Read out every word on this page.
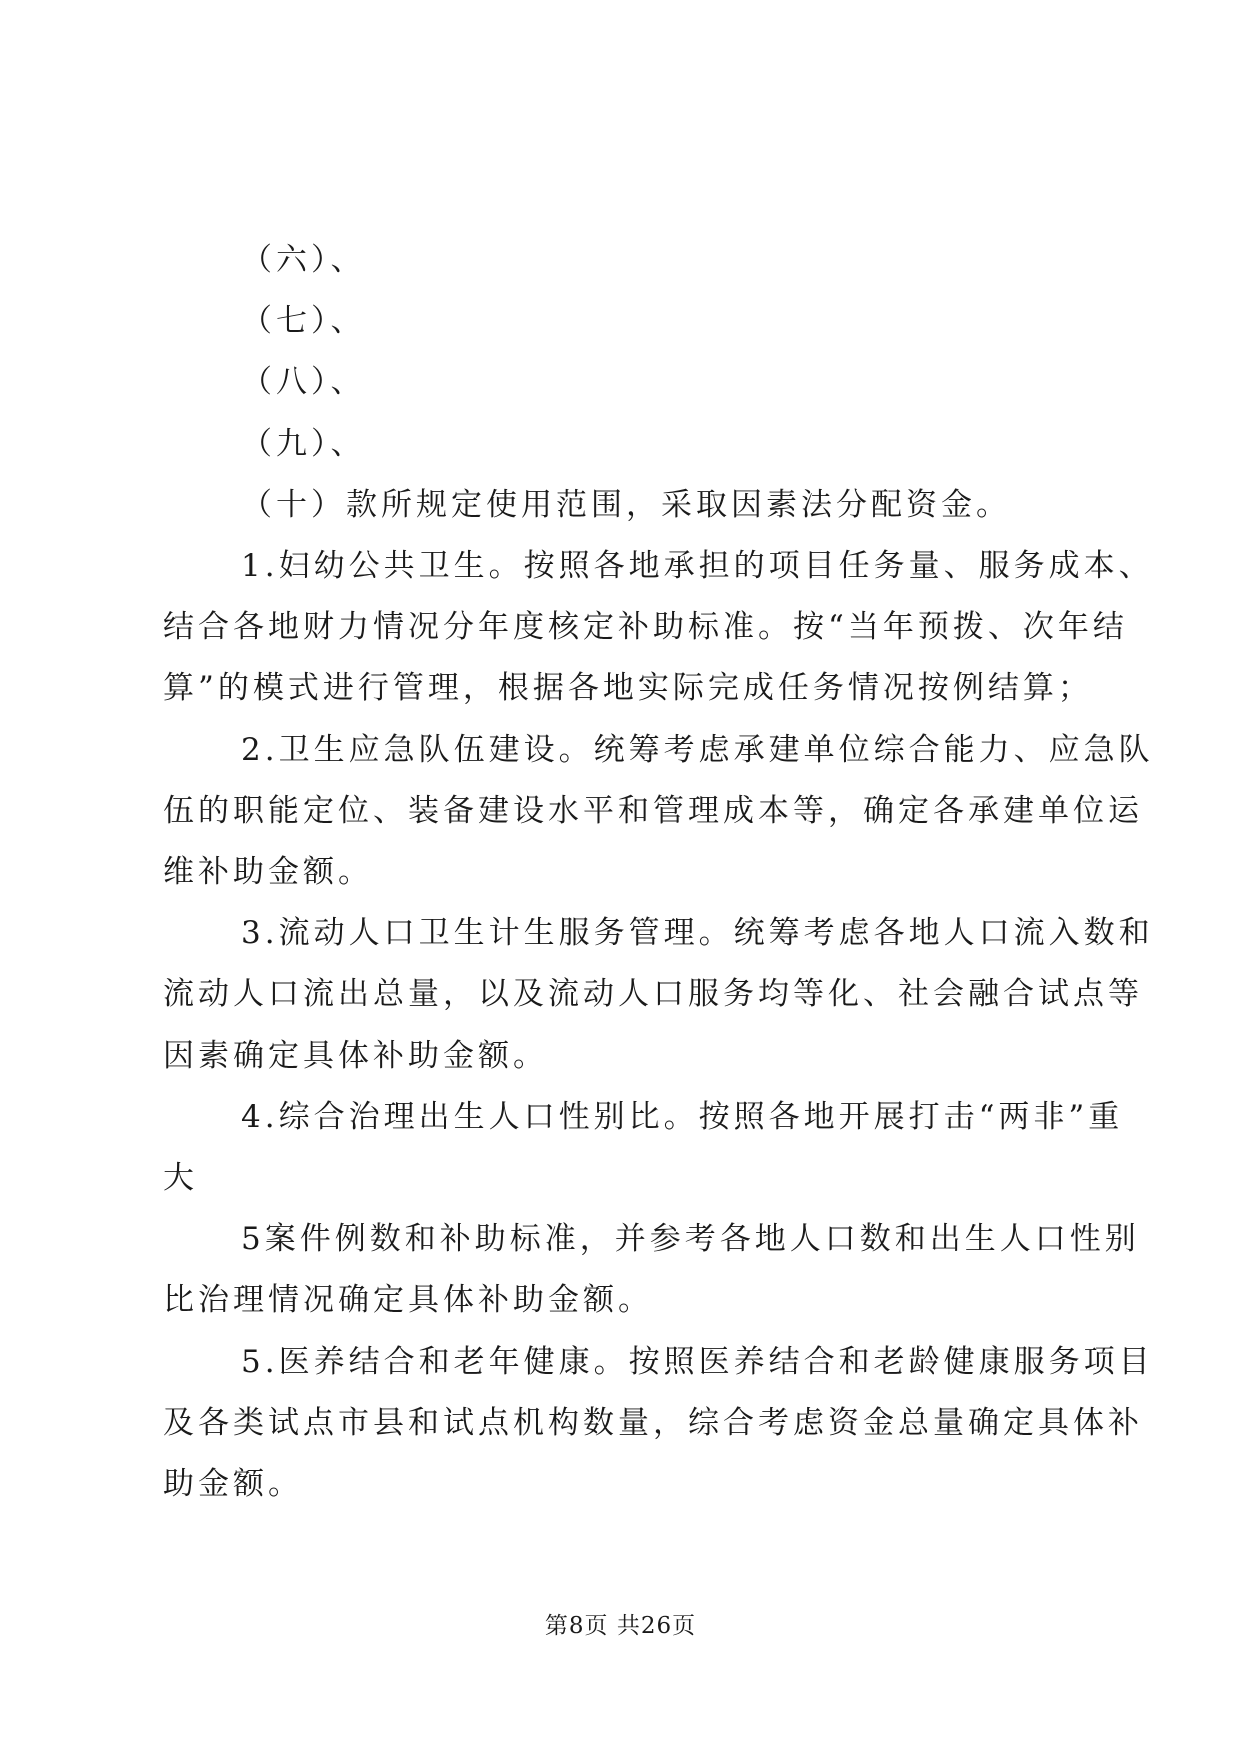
（六）、

（七）、

（八）、

（九）、

（十）款所规定使用范围，采取因素法分配资金。

1.妇幼公共卫生。按照各地承担的项目任务量、服务成本、
结合各地财力情况分年度核定补助标准。按“当年预拨、次年结
算”的模式进行管理，根据各地实际完成任务情况按例结算；

2.卫生应急队伍建设。统筹考虑承建单位综合能力、应急队
伍的职能定位、装备建设水平和管理成本等，确定各承建单位运
维补助金额。

3.流动人口卫生计生服务管理。统筹考虑各地人口流入数和
流动人口流出总量，以及流动人口服务均等化、社会融合试点等
因素确定具体补助金额。

4.综合治理出生人口性别比。按照各地开展打击“两非”重
大

5案件例数和补助标准，并参考各地人口数和出生人口性别
比治理情况确定具体补助金额。

5.医养结合和老年健康。按照医养结合和老龄健康服务项目
及各类试点市县和试点机构数量，综合考虑资金总量确定具体补
助金额。

第8页 共26页
